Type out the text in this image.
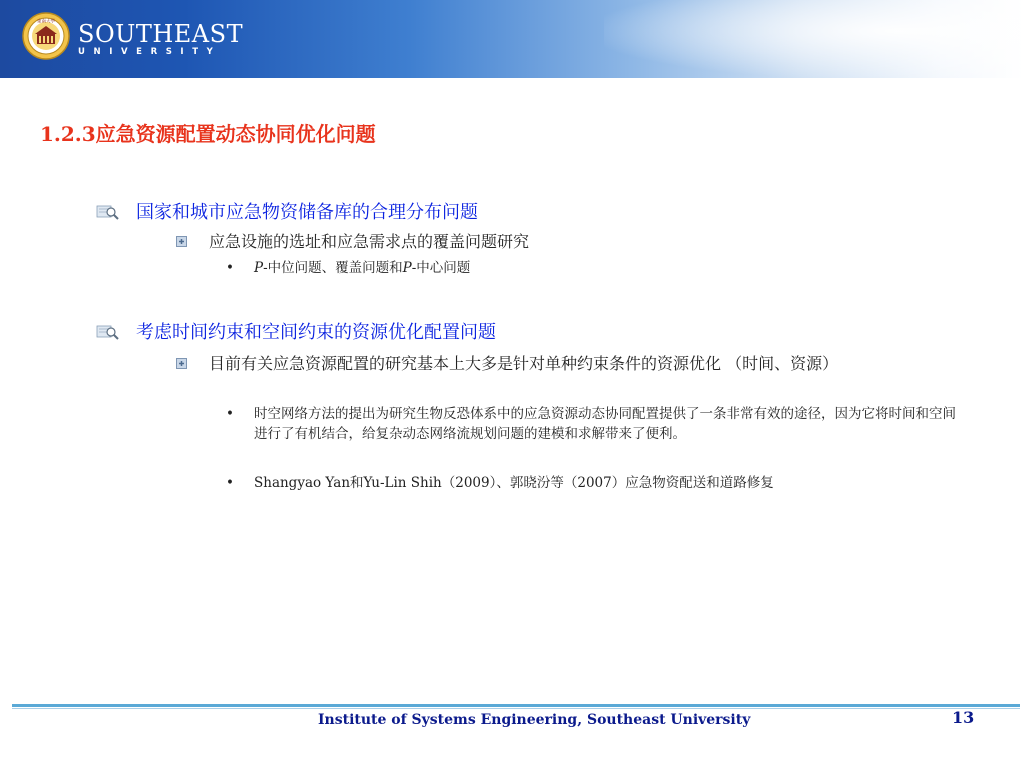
東南大學 SOUTHEAST
UNIVERSITY
1.2.3应急资源配置动态协同优化问题
国家和城市应急物资储备库的合理分布问题
应急设施的选址和应急需求点的覆盖问题研究
•	P-中位问题、覆盖问题和P-中心问题
考虑时间约束和空间约束的资源优化配置问题
目前有关应急资源配置的研究基本上大多是针对单种约束条件的资源优化 （时间、资源）
•	时空网络方法的提出为研究生物反恐体系中的应急资源动态协同配置提供了一条非常有效的途径，因为它将时间和空间进行了有机结合，给复杂动态网络流规划问题的建模和求解带来了便利。
•	Shangyao Yan和Yu-Lin Shih（2009）、郭晓汾等（2007）应急物资配送和道路修复
Institute of Systems Engineering, Southeast University	13
